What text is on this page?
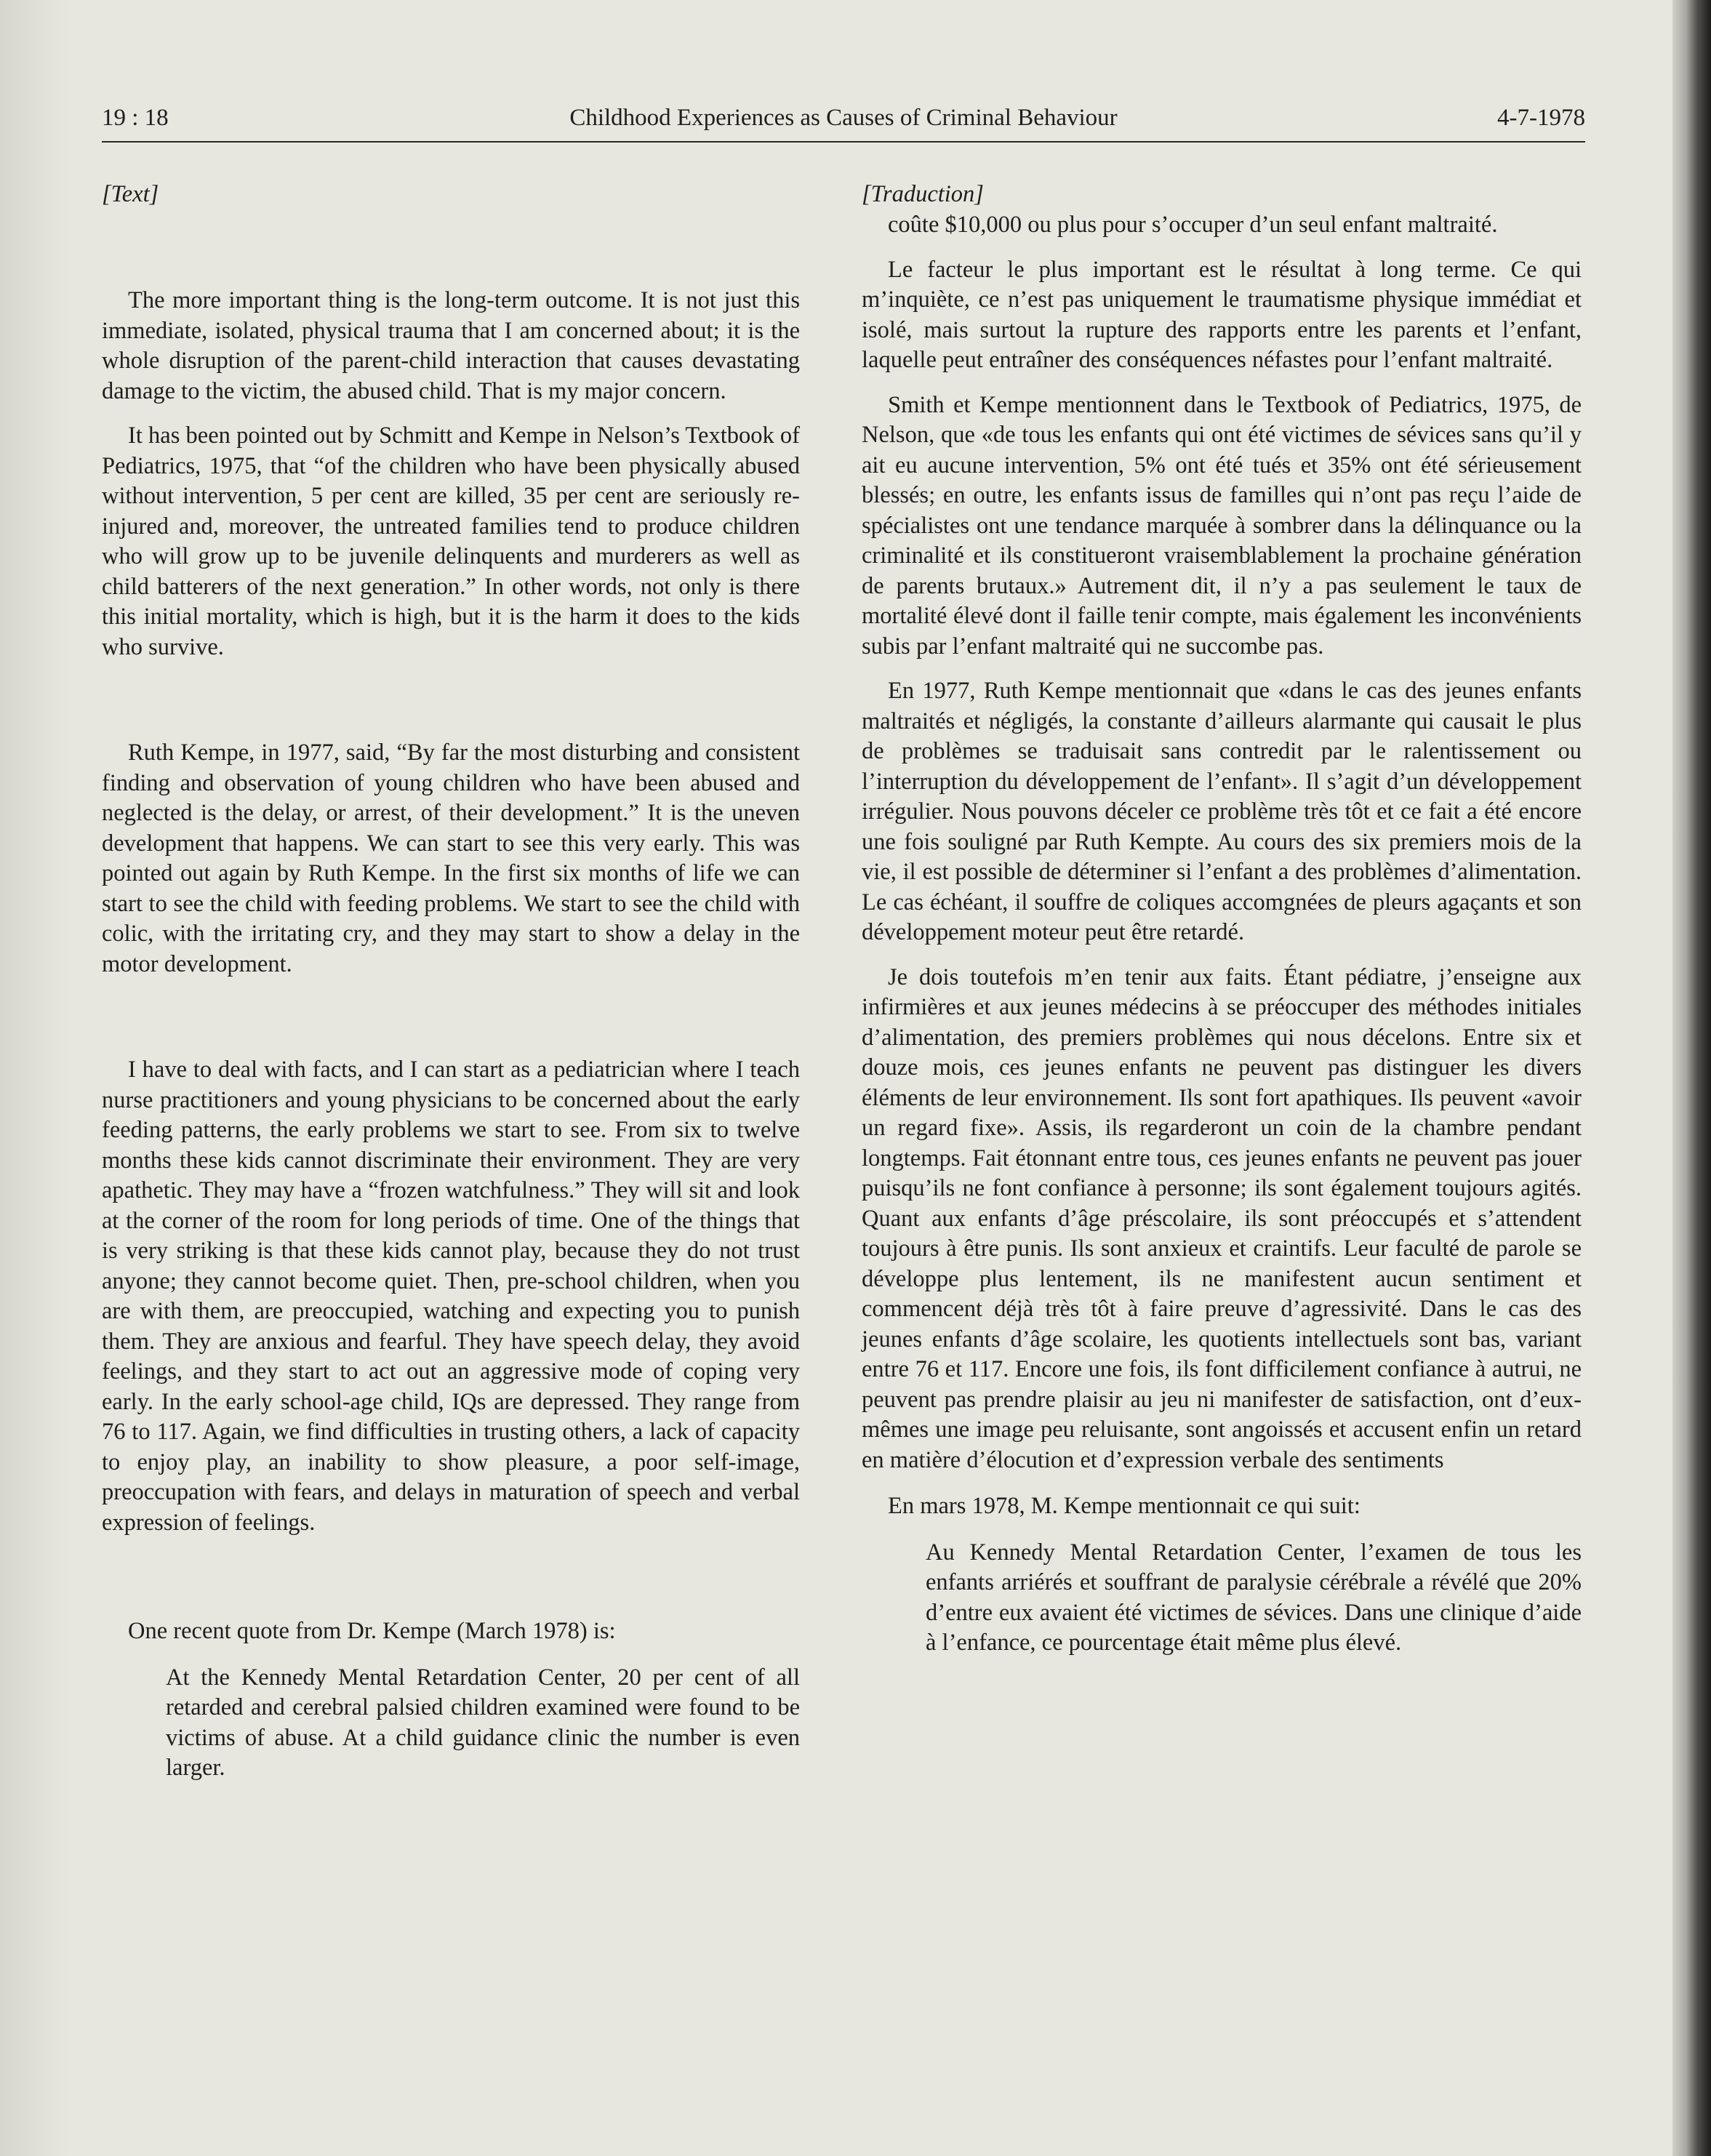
19 : 18	Childhood Experiences as Causes of Criminal Behaviour	4-7-1978

[Text]

The more important thing is the long-term outcome. It is not just this immediate, isolated, physical trauma that I am concerned about; it is the whole disruption of the parent-child interaction that causes devastating damage to the victim, the abused child. That is my major concern.

It has been pointed out by Schmitt and Kempe in Nelson’s Textbook of Pediatrics, 1975, that “of the children who have been physically abused without intervention, 5 per cent are killed, 35 per cent are seriously re-injured and, moreover, the untreated families tend to produce children who will grow up to be juvenile delinquents and murderers as well as child batterers of the next generation.” In other words, not only is there this initial mortality, which is high, but it is the harm it does to the kids who survive.

Ruth Kempe, in 1977, said, “By far the most disturbing and consistent finding and observation of young children who have been abused and neglected is the delay, or arrest, of their development.” It is the uneven development that happens. We can start to see this very early. This was pointed out again by Ruth Kempe. In the first six months of life we can start to see the child with feeding problems. We start to see the child with colic, with the irritating cry, and they may start to show a delay in the motor development.

I have to deal with facts, and I can start as a pediatrician where I teach nurse practitioners and young physicians to be concerned about the early feeding patterns, the early problems we start to see. From six to twelve months these kids cannot discriminate their environment. They are very apathetic. They may have a “frozen watchfulness.” They will sit and look at the corner of the room for long periods of time. One of the things that is very striking is that these kids cannot play, because they do not trust anyone; they cannot become quiet. Then, pre-school children, when you are with them, are preoccupied, watching and expecting you to punish them. They are anxious and fearful. They have speech delay, they avoid feelings, and they start to act out an aggressive mode of coping very early. In the early school-age child, IQs are depressed. They range from 76 to 117. Again, we find difficulties in trusting others, a lack of capacity to enjoy play, an inability to show pleasure, a poor self-image, preoccupation with fears, and delays in maturation of speech and verbal expression of feelings.

One recent quote from Dr. Kempe (March 1978) is:

At the Kennedy Mental Retardation Center, 20 per cent of all retarded and cerebral palsied children examined were found to be victims of abuse. At a child guidance clinic the number is even larger.

[Traduction]

coûte $10,000 ou plus pour s’occuper d’un seul enfant maltraité.

Le facteur le plus important est le résultat à long terme. Ce qui m’inquiète, ce n’est pas uniquement le traumatisme physique immédiat et isolé, mais surtout la rupture des rapports entre les parents et l’enfant, laquelle peut entraîner des conséquences néfastes pour l’enfant maltraité.

Smith et Kempe mentionnent dans le Textbook of Pediatrics, 1975, de Nelson, que «de tous les enfants qui ont été victimes de sévices sans qu’il y ait eu aucune intervention, 5% ont été tués et 35% ont été sérieusement blessés; en outre, les enfants issus de familles qui n’ont pas reçu l’aide de spécialistes ont une tendance marquée à sombrer dans la délinquance ou la criminalité et ils constitueront vraisemblablement la prochaine génération de parents brutaux.» Autrement dit, il n’y a pas seulement le taux de mortalité élevé dont il faille tenir compte, mais également les inconvénients subis par l’enfant maltraité qui ne succombe pas.

En 1977, Ruth Kempe mentionnait que «dans le cas des jeunes enfants maltraités et négligés, la constante d’ailleurs alarmante qui causait le plus de problèmes se traduisait sans contredit par le ralentissement ou l’interruption du développement de l’enfant». Il s’agit d’un développement irrégulier. Nous pouvons déceler ce problème très tôt et ce fait a été encore une fois souligné par Ruth Kempte. Au cours des six premiers mois de la vie, il est possible de déterminer si l’enfant a des problèmes d’alimentation. Le cas échéant, il souffre de coliques accomgnées de pleurs agaçants et son développement moteur peut être retardé.

Je dois toutefois m’en tenir aux faits. Étant pédiatre, j’enseigne aux infirmières et aux jeunes médecins à se préoccuper des méthodes initiales d’alimentation, des premiers problèmes qui nous décelons. Entre six et douze mois, ces jeunes enfants ne peuvent pas distinguer les divers éléments de leur environnement. Ils sont fort apathiques. Ils peuvent «avoir un regard fixe». Assis, ils regarderont un coin de la chambre pendant longtemps. Fait étonnant entre tous, ces jeunes enfants ne peuvent pas jouer puisqu’ils ne font confiance à personne; ils sont également toujours agités. Quant aux enfants d’âge préscolaire, ils sont préoccupés et s’attendent toujours à être punis. Ils sont anxieux et craintifs. Leur faculté de parole se développe plus lentement, ils ne manifestent aucun sentiment et commencent déjà très tôt à faire preuve d’agressivité. Dans le cas des jeunes enfants d’âge scolaire, les quotients intellectuels sont bas, variant entre 76 et 117. Encore une fois, ils font difficilement confiance à autrui, ne peuvent pas prendre plaisir au jeu ni manifester de satisfaction, ont d’eux-mêmes une image peu reluisante, sont angoissés et accusent enfin un retard en matière d’élocution et d’expression verbale des sentiments

En mars 1978, M. Kempe mentionnait ce qui suit:

Au Kennedy Mental Retardation Center, l’examen de tous les enfants arriérés et souffrant de paralysie cérébrale a révélé que 20% d’entre eux avaient été victimes de sévices. Dans une clinique d’aide à l’enfance, ce pourcentage était même plus élevé.
